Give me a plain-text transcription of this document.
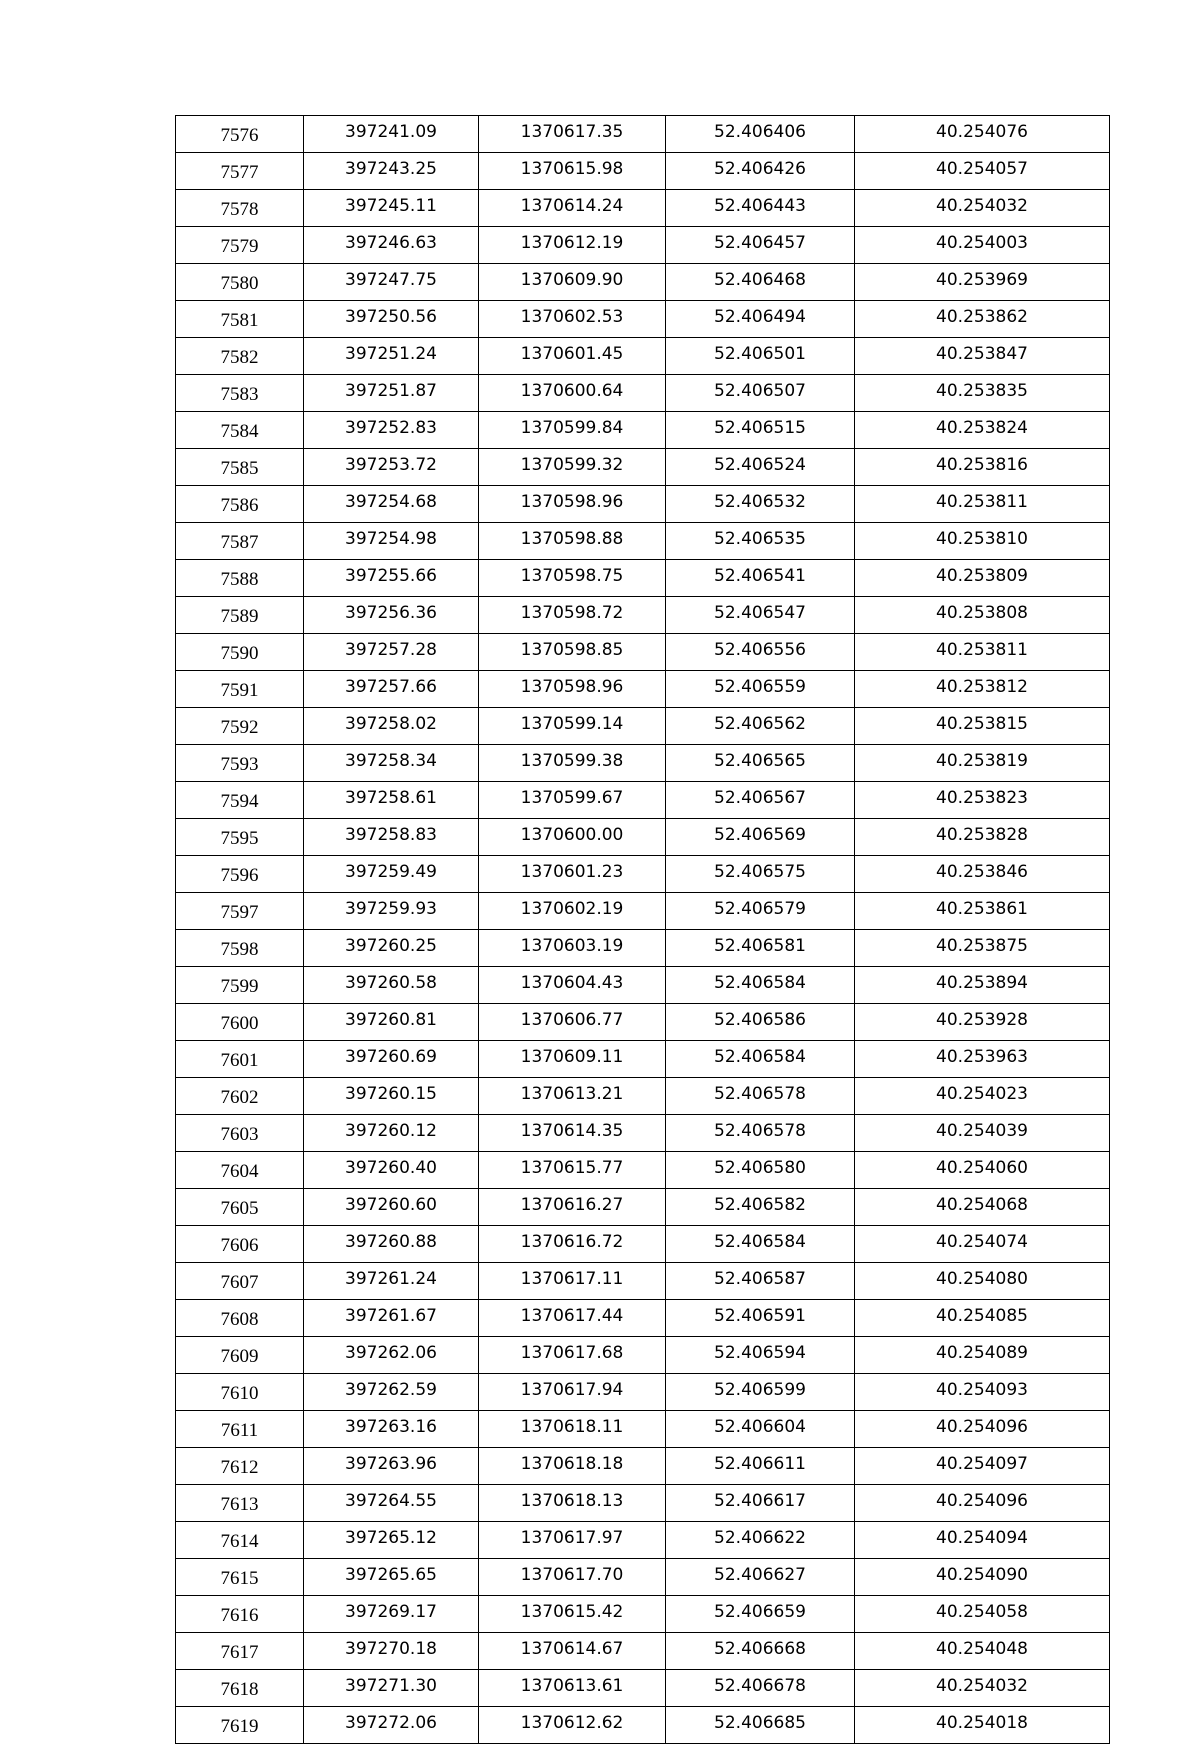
7576	397241.09	1370617.35	52.406406	40.254076
7577	397243.25	1370615.98	52.406426	40.254057
7578	397245.11	1370614.24	52.406443	40.254032
7579	397246.63	1370612.19	52.406457	40.254003
7580	397247.75	1370609.90	52.406468	40.253969
7581	397250.56	1370602.53	52.406494	40.253862
7582	397251.24	1370601.45	52.406501	40.253847
7583	397251.87	1370600.64	52.406507	40.253835
7584	397252.83	1370599.84	52.406515	40.253824
7585	397253.72	1370599.32	52.406524	40.253816
7586	397254.68	1370598.96	52.406532	40.253811
7587	397254.98	1370598.88	52.406535	40.253810
7588	397255.66	1370598.75	52.406541	40.253809
7589	397256.36	1370598.72	52.406547	40.253808
7590	397257.28	1370598.85	52.406556	40.253811
7591	397257.66	1370598.96	52.406559	40.253812
7592	397258.02	1370599.14	52.406562	40.253815
7593	397258.34	1370599.38	52.406565	40.253819
7594	397258.61	1370599.67	52.406567	40.253823
7595	397258.83	1370600.00	52.406569	40.253828
7596	397259.49	1370601.23	52.406575	40.253846
7597	397259.93	1370602.19	52.406579	40.253861
7598	397260.25	1370603.19	52.406581	40.253875
7599	397260.58	1370604.43	52.406584	40.253894
7600	397260.81	1370606.77	52.406586	40.253928
7601	397260.69	1370609.11	52.406584	40.253963
7602	397260.15	1370613.21	52.406578	40.254023
7603	397260.12	1370614.35	52.406578	40.254039
7604	397260.40	1370615.77	52.406580	40.254060
7605	397260.60	1370616.27	52.406582	40.254068
7606	397260.88	1370616.72	52.406584	40.254074
7607	397261.24	1370617.11	52.406587	40.254080
7608	397261.67	1370617.44	52.406591	40.254085
7609	397262.06	1370617.68	52.406594	40.254089
7610	397262.59	1370617.94	52.406599	40.254093
7611	397263.16	1370618.11	52.406604	40.254096
7612	397263.96	1370618.18	52.406611	40.254097
7613	397264.55	1370618.13	52.406617	40.254096
7614	397265.12	1370617.97	52.406622	40.254094
7615	397265.65	1370617.70	52.406627	40.254090
7616	397269.17	1370615.42	52.406659	40.254058
7617	397270.18	1370614.67	52.406668	40.254048
7618	397271.30	1370613.61	52.406678	40.254032
7619	397272.06	1370612.62	52.406685	40.254018
